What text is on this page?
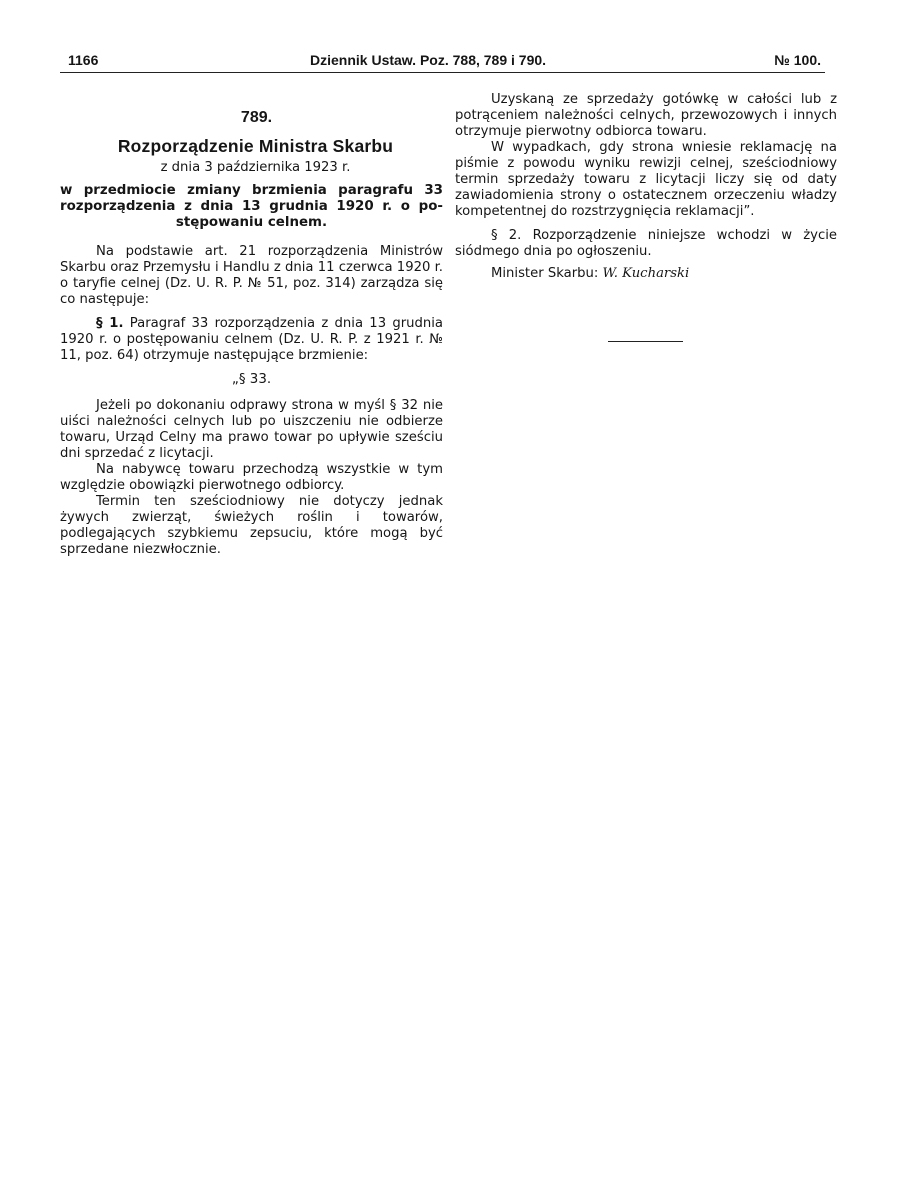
1166	Dziennik Ustaw. Poz. 788, 789 i 790.	№ 100.
789.
Rozporządzenie Ministra Skarbu
z dnia 3 października 1923 r.
w przedmiocie zmiany brzmienia paragrafu 33
rozporządzenia z dnia 13 grudnia 1920 r. o po-
stępowaniu celnem.

Na podstawie art. 21 rozporządzenia Ministrów Skarbu oraz Przemysłu i Handlu z dnia 11 czerwca 1920 r. o taryfie celnej (Dz. U. R. P. № 51, poz. 314) zarządza się co następuje:

§ 1. Paragraf 33 rozporządzenia z dnia 13 grudnia 1920 r. o postępowaniu celnem (Dz. U. R. P. z 1921 r. № 11, poz. 64) otrzymuje następujące brzmienie:

„§ 33.

Jeżeli po dokonaniu odprawy strona w myśl § 32 nie uiści należności celnych lub po uiszczeniu nie odbierze towaru, Urząd Celny ma prawo towar po upływie sześciu dni sprzedać z licytacji.

Na nabywcę towaru przechodzą wszystkie w tym względzie obowiązki pierwotnego odbiorcy.

Termin ten sześciodniowy nie dotyczy jednak żywych zwierząt, świeżych roślin i towarów, podlegających szybkiemu zepsuciu, które mogą być sprzedane niezwłocznie.

Uzyskaną ze sprzedaży gotówkę w całości lub z potrąceniem należności celnych, przewozowych i innych otrzymuje pierwotny odbiorca towaru.

W wypadkach, gdy strona wniesie reklamację na piśmie z powodu wyniku rewizji celnej, sześciodniowy termin sprzedaży towaru z licytacji liczy się od daty zawiadomienia strony o ostatecznem orzeczeniu władzy kompetentnej do rozstrzygnięcia reklamacji”.

§ 2. Rozporządzenie niniejsze wchodzi w życie siódmego dnia po ogłoszeniu.

Minister Skarbu: W. Kucharski
